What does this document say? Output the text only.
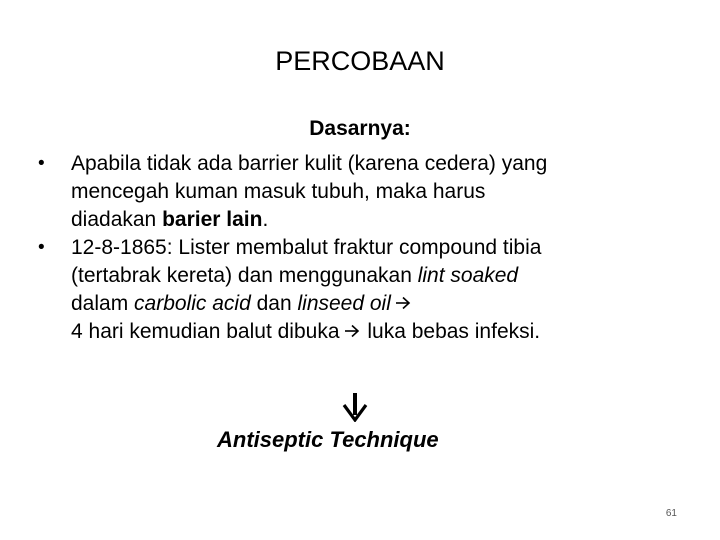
PERCOBAAN
Dasarnya:
•	Apabila tidak ada barrier kulit (karena cedera) yang
mencegah kuman masuk tubuh, maka harus
diadakan barier lain.
•	12-8-1865: Lister membalut fraktur compound tibia
(tertabrak kereta) dan menggunakan lint soaked
dalam carbolic acid dan linseed oil
4 hari kemudian balut dibuka luka bebas infeksi.
Antiseptic Technique
61
